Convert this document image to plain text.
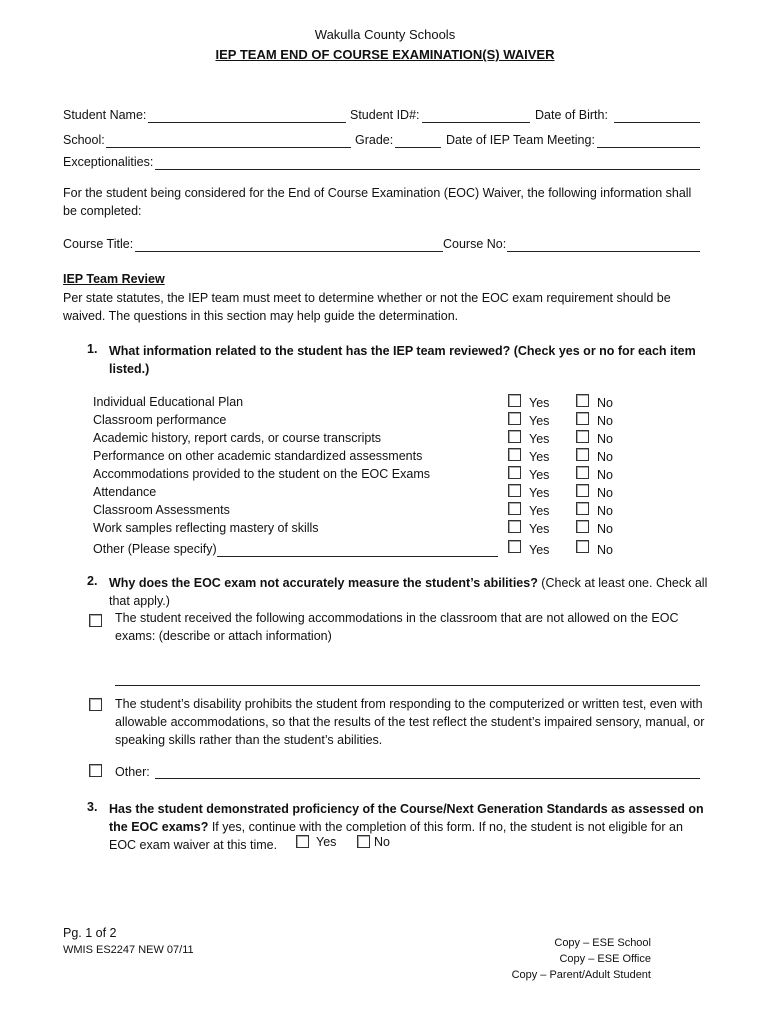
Wakulla County Schools
IEP TEAM END OF COURSE EXAMINATION(S) WAIVER
Student Name:	Student ID#:	Date of Birth:
School:	Grade:	Date of IEP Team Meeting:
Exceptionalities:
For the student being considered for the End of Course Examination (EOC) Waiver, the following information shall be completed:
Course Title:	Course No:
IEP Team Review
Per state statutes, the IEP team must meet to determine whether or not the EOC exam requirement should be waived. The questions in this section may help guide the determination.
1. What information related to the student has the IEP team reviewed? (Check yes or no for each item listed.)
Individual Educational Plan	Yes	No
Classroom performance	Yes	No
Academic history, report cards, or course transcripts	Yes	No
Performance on other academic standardized assessments	Yes	No
Accommodations provided to the student on the EOC Exams	Yes	No
Attendance	Yes	No
Classroom Assessments	Yes	No
Work samples reflecting mastery of skills	Yes	No
Other (Please specify)	Yes	No
2. Why does the EOC exam not accurately measure the student’s abilities? (Check at least one. Check all that apply.)
The student received the following accommodations in the classroom that are not allowed on the EOC exams: (describe or attach information)
The student’s disability prohibits the student from responding to the computerized or written test, even with allowable accommodations, so that the results of the test reflect the student’s impaired sensory, manual, or speaking skills rather than the student’s abilities.
Other:
3. Has the student demonstrated proficiency of the Course/Next Generation Standards as assessed on the EOC exams? If yes, continue with the completion of this form. If no, the student is not eligible for an EOC exam waiver at this time.	Yes	No
Pg. 1 of 2
WMIS ES2247 NEW 07/11
Copy – ESE School
Copy – ESE Office
Copy – Parent/Adult Student
